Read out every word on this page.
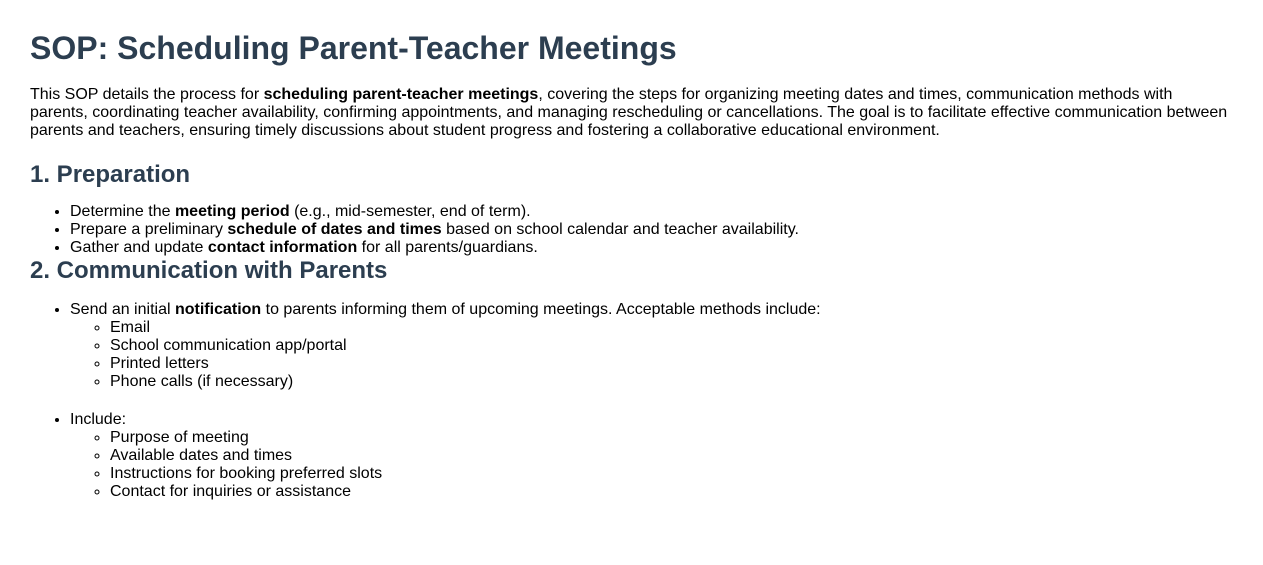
SOP: Scheduling Parent-Teacher Meetings

This SOP details the process for scheduling parent-teacher meetings, covering the steps for organizing meeting dates and times, communication methods with parents, coordinating teacher availability, confirming appointments, and managing rescheduling or cancellations. The goal is to facilitate effective communication between parents and teachers, ensuring timely discussions about student progress and fostering a collaborative educational environment.

1. Preparation
• Determine the meeting period (e.g., mid-semester, end of term).
• Prepare a preliminary schedule of dates and times based on school calendar and teacher availability.
• Gather and update contact information for all parents/guardians.
2. Communication with Parents
• Send an initial notification to parents informing them of upcoming meetings. Acceptable methods include:
◦ Email
◦ School communication app/portal
◦ Printed letters
◦ Phone calls (if necessary)
• Include:
◦ Purpose of meeting
◦ Available dates and times
◦ Instructions for booking preferred slots
◦ Contact for inquiries or assistance
